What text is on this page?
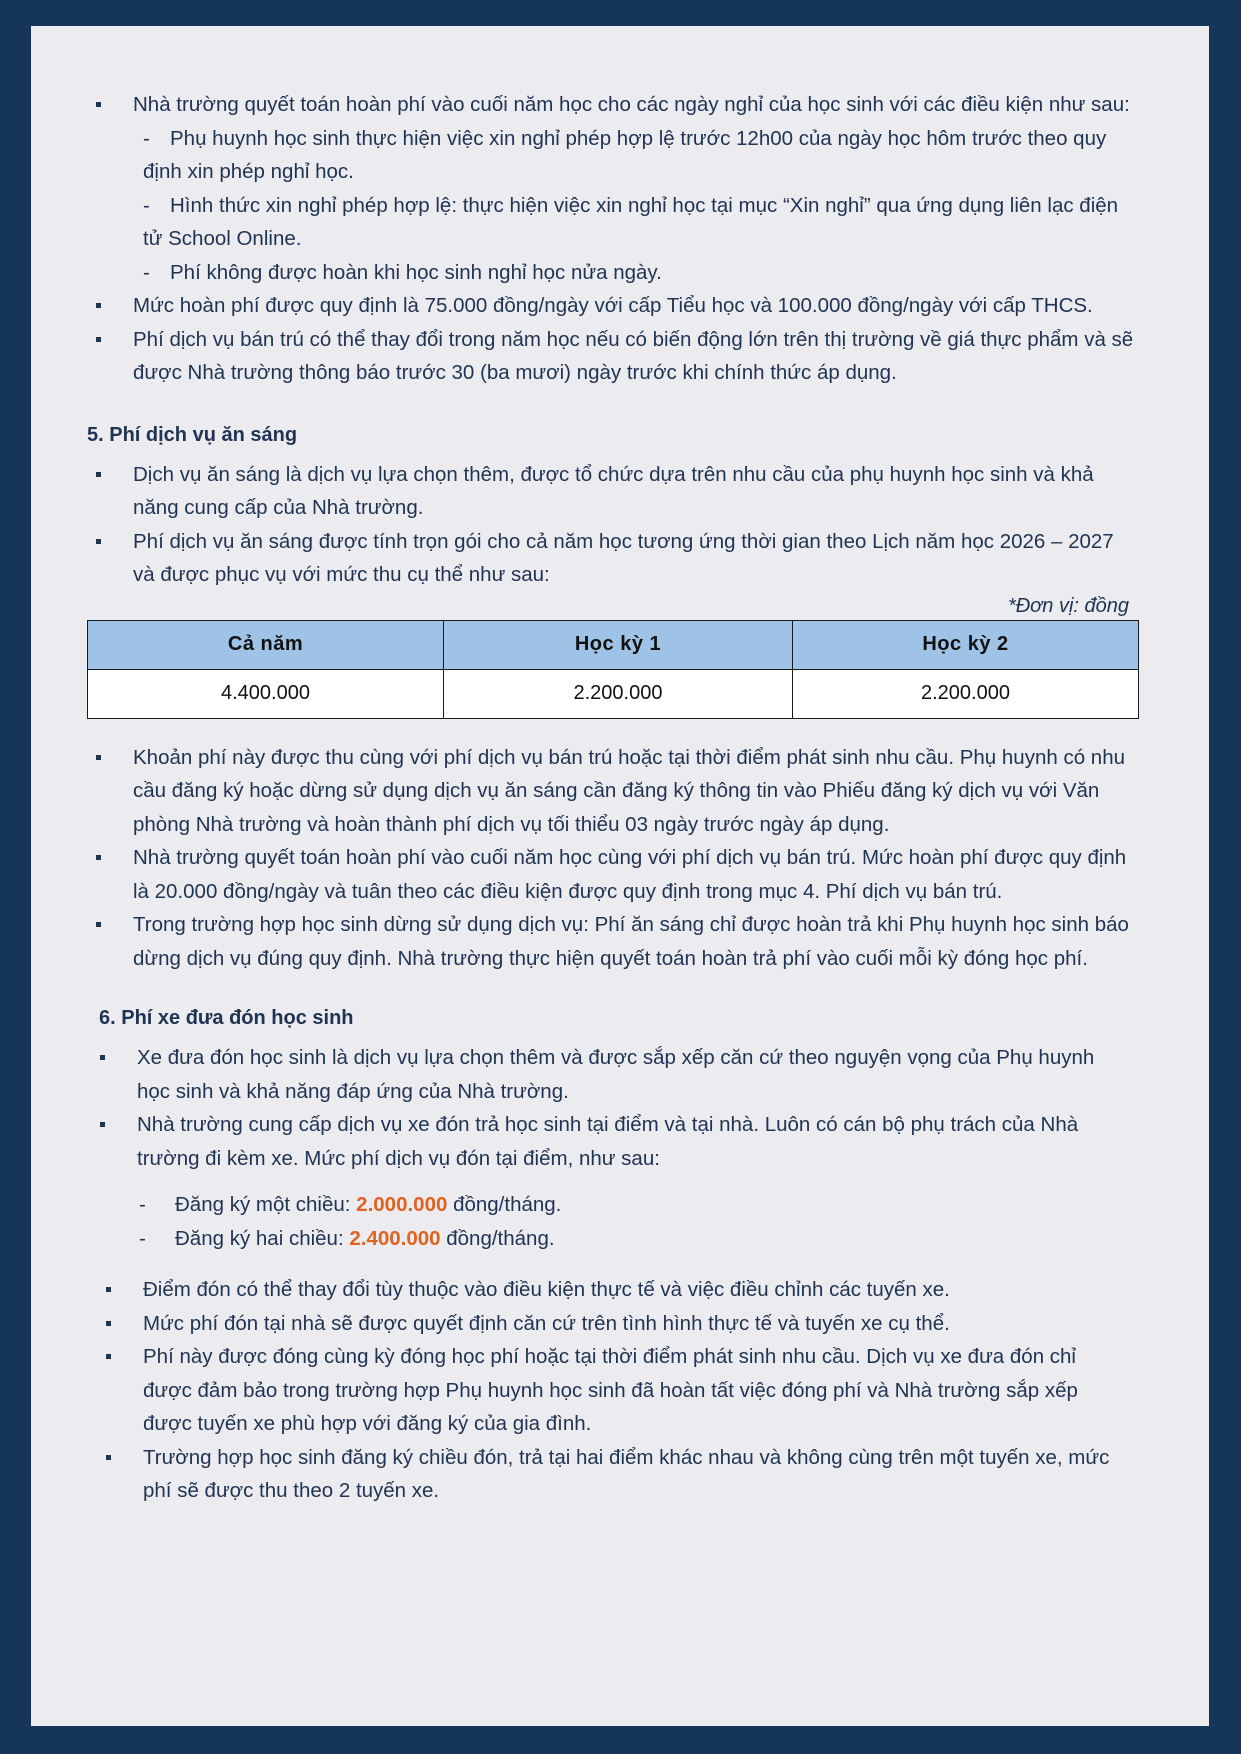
Nhà trường quyết toán hoàn phí vào cuối năm học cho các ngày nghỉ của học sinh với các điều kiện như sau:
- Phụ huynh học sinh thực hiện việc xin nghỉ phép hợp lệ trước 12h00 của ngày học hôm trước theo quy định xin phép nghỉ học.
- Hình thức xin nghỉ phép hợp lệ: thực hiện việc xin nghỉ học tại mục “Xin nghỉ” qua ứng dụng liên lạc điện tử School Online.
- Phí không được hoàn khi học sinh nghỉ học nửa ngày.
Mức hoàn phí được quy định là 75.000 đồng/ngày với cấp Tiểu học và 100.000 đồng/ngày với cấp THCS.
Phí dịch vụ bán trú có thể thay đổi trong năm học nếu có biến động lớn trên thị trường về giá thực phẩm và sẽ được Nhà trường thông báo trước 30 (ba mươi) ngày trước khi chính thức áp dụng.
5. Phí dịch vụ ăn sáng
Dịch vụ ăn sáng là dịch vụ lựa chọn thêm, được tổ chức dựa trên nhu cầu của phụ huynh học sinh và khả năng cung cấp của Nhà trường.
Phí dịch vụ ăn sáng được tính trọn gói cho cả năm học tương ứng thời gian theo Lịch năm học 2026 – 2027 và được phục vụ với mức thu cụ thể như sau:
*Đơn vị: đồng
Cả năm	Học kỳ 1	Học kỳ 2
4.400.000	2.200.000	2.200.000
Khoản phí này được thu cùng với phí dịch vụ bán trú hoặc tại thời điểm phát sinh nhu cầu. Phụ huynh có nhu cầu đăng ký hoặc dừng sử dụng dịch vụ ăn sáng cần đăng ký thông tin vào Phiếu đăng ký dịch vụ với Văn phòng Nhà trường và hoàn thành phí dịch vụ tối thiểu 03 ngày trước ngày áp dụng.
Nhà trường quyết toán hoàn phí vào cuối năm học cùng với phí dịch vụ bán trú. Mức hoàn phí được quy định là 20.000 đồng/ngày và tuân theo các điều kiện được quy định trong mục 4. Phí dịch vụ bán trú.
Trong trường hợp học sinh dừng sử dụng dịch vụ: Phí ăn sáng chỉ được hoàn trả khi Phụ huynh học sinh báo dừng dịch vụ đúng quy định. Nhà trường thực hiện quyết toán hoàn trả phí vào cuối mỗi kỳ đóng học phí.
6. Phí xe đưa đón học sinh
Xe đưa đón học sinh là dịch vụ lựa chọn thêm và được sắp xếp căn cứ theo nguyện vọng của Phụ huynh học sinh và khả năng đáp ứng của Nhà trường.
Nhà trường cung cấp dịch vụ xe đón trả học sinh tại điểm và tại nhà. Luôn có cán bộ phụ trách của Nhà trường đi kèm xe. Mức phí dịch vụ đón tại điểm, như sau:
- Đăng ký một chiều: 2.000.000 đồng/tháng.
- Đăng ký hai chiều: 2.400.000 đồng/tháng.
Điểm đón có thể thay đổi tùy thuộc vào điều kiện thực tế và việc điều chỉnh các tuyến xe.
Mức phí đón tại nhà sẽ được quyết định căn cứ trên tình hình thực tế và tuyến xe cụ thể.
Phí này được đóng cùng kỳ đóng học phí hoặc tại thời điểm phát sinh nhu cầu. Dịch vụ xe đưa đón chỉ được đảm bảo trong trường hợp Phụ huynh học sinh đã hoàn tất việc đóng phí và Nhà trường sắp xếp được tuyến xe phù hợp với đăng ký của gia đình.
Trường hợp học sinh đăng ký chiều đón, trả tại hai điểm khác nhau và không cùng trên một tuyến xe, mức phí sẽ được thu theo 2 tuyến xe.
